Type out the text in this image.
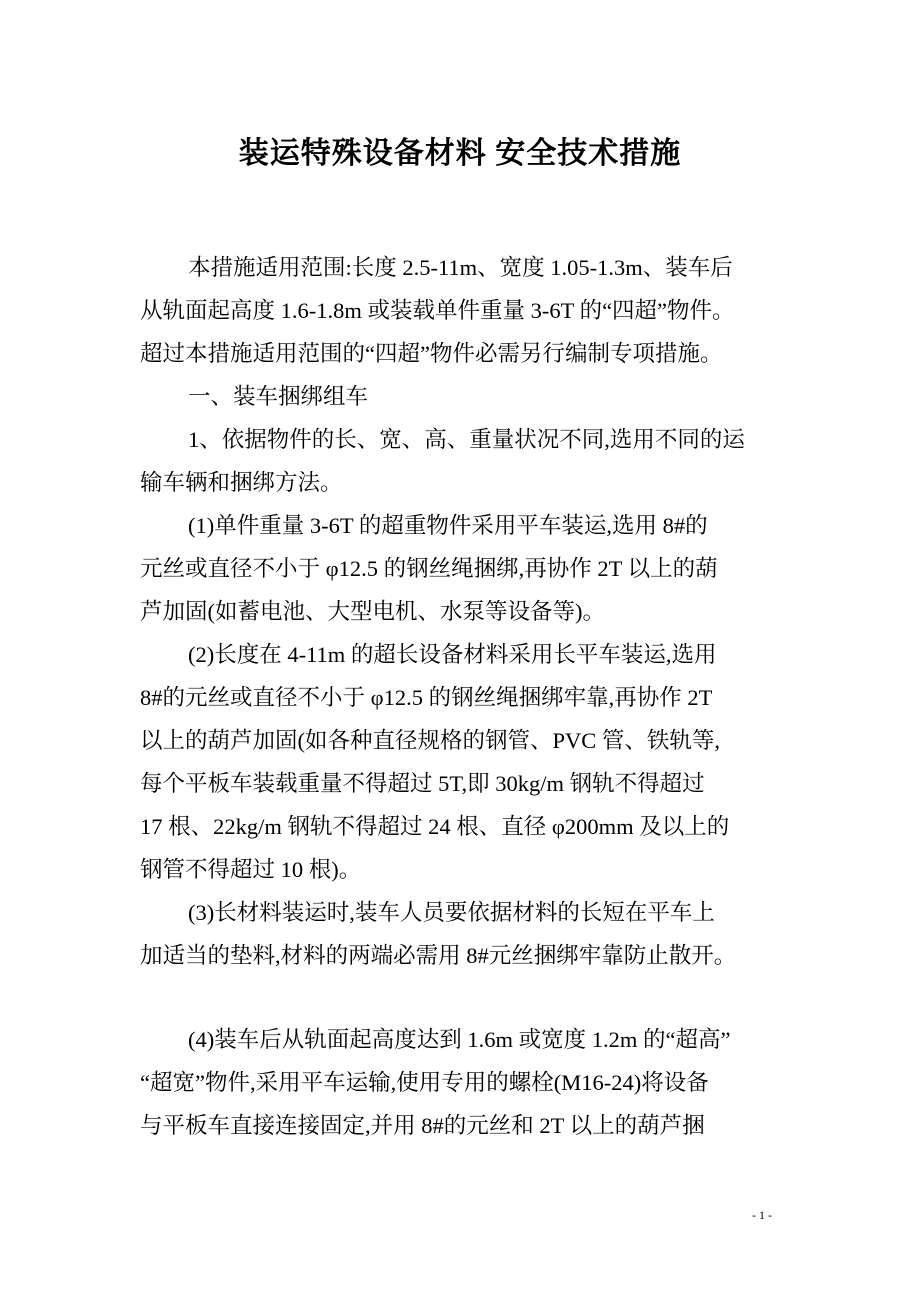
装运特殊设备材料 安全技术措施
本措施适用范围:长度 2.5-11m、宽度 1.05-1.3m、装车后
从轨面起高度 1.6-1.8m 或装载单件重量 3-6T 的“四超”物件。
超过本措施适用范围的“四超”物件必需另行编制专项措施。
一、装车捆绑组车
1、依据物件的长、宽、高、重量状况不同,选用不同的运
输车辆和捆绑方法。
(1)单件重量 3-6T 的超重物件采用平车装运,选用 8#的
元丝或直径不小于 φ12.5 的钢丝绳捆绑,再协作 2T 以上的葫
芦加固(如蓄电池、大型电机、水泵等设备等)。
(2)长度在 4-11m 的超长设备材料采用长平车装运,选用
8#的元丝或直径不小于 φ12.5 的钢丝绳捆绑牢靠,再协作 2T
以上的葫芦加固(如各种直径规格的钢管、PVC 管、铁轨等,
每个平板车装载重量不得超过 5T,即 30kg/m 钢轨不得超过
17 根、22kg/m 钢轨不得超过 24 根、直径 φ200mm 及以上的
钢管不得超过 10 根)。
(3)长材料装运时,装车人员要依据材料的长短在平车上
加适当的垫料,材料的两端必需用 8#元丝捆绑牢靠防止散开。
(4)装车后从轨面起高度达到 1.6m 或宽度 1.2m 的“超高”
“超宽”物件,采用平车运输,使用专用的螺栓(M16-24)将设备
与平板车直接连接固定,并用 8#的元丝和 2T 以上的葫芦捆
- 1 -
